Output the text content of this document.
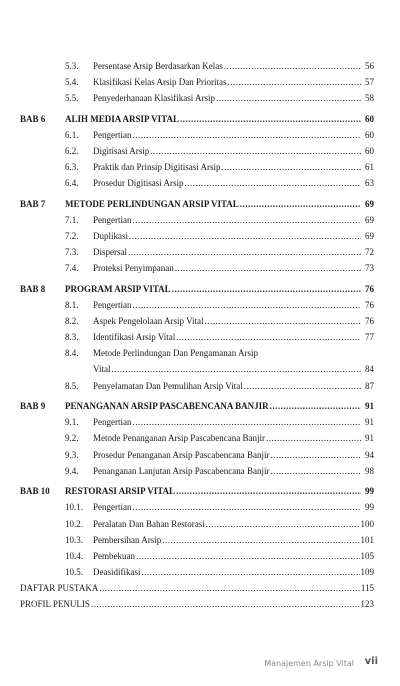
5.3.	Persentase Arsip Berdasarkan Kelas .....	56
5.4.	Klasifikasi Kelas Arsip Dan Prioritas .....	57
5.5.	Penyederhanaan Klasifikasi Arsip .....	58
BAB 6	ALIH MEDIA ARSIP VITAL .....	60
6.1.	Pengertian .....	60
6.2.	Digitisasi Arsip .....	60
6.3.	Praktik dan Prinsip Digitisasi Arsip .....	61
6.4.	Prosedur Digitisasi Arsip .....	63
BAB 7	METODE PERLINDUNGAN ARSIP VITAL .....	69
7.1.	Pengertian .....	69
7.2.	Duplikasi .....	69
7.3.	Dispersal .....	72
7.4.	Proteksi Penyimpanan .....	73
BAB 8	PROGRAM ARSIP VITAL .....	76
8.1.	Pengertian .....	76
8.2.	Aspek Pengelolaan Arsip Vital .....	76
8.3.	Identifikasi Arsip Vital .....	77
8.4.	Metode Perlindungan Dan Pengamanan Arsip
Vital .....	84
8.5.	Penyelamatan Dan Pemulihan Arsip Vital .....	87
BAB 9	PENANGANAN ARSIP PASCABENCANA BANJIR .....	91
9.1.	Pengertian .....	91
9.2.	Metode Penanganan Arsip Pascabencana Banjir .....	91
9.3.	Prosedur Penanganan Arsip Pascabencana Banjir .....	94
9.4.	Penanganan Lanjutan Arsip Pascabencana Banjir .....	98
BAB 10	RESTORASI ARSIP VITAL .....	99
10.1.	Pengertian .....	99
10.2.	Peralatan Dan Bahan Restorasi .....	100
10.3.	Pembersihan Arsip .....	101
10.4.	Pembekuan .....	105
10.5.	Deasidifikasi .....	109
DAFTAR PUSTAKA .....	115
PROFIL PENULIS .....	123
Manajemen Arsip Vital vii
